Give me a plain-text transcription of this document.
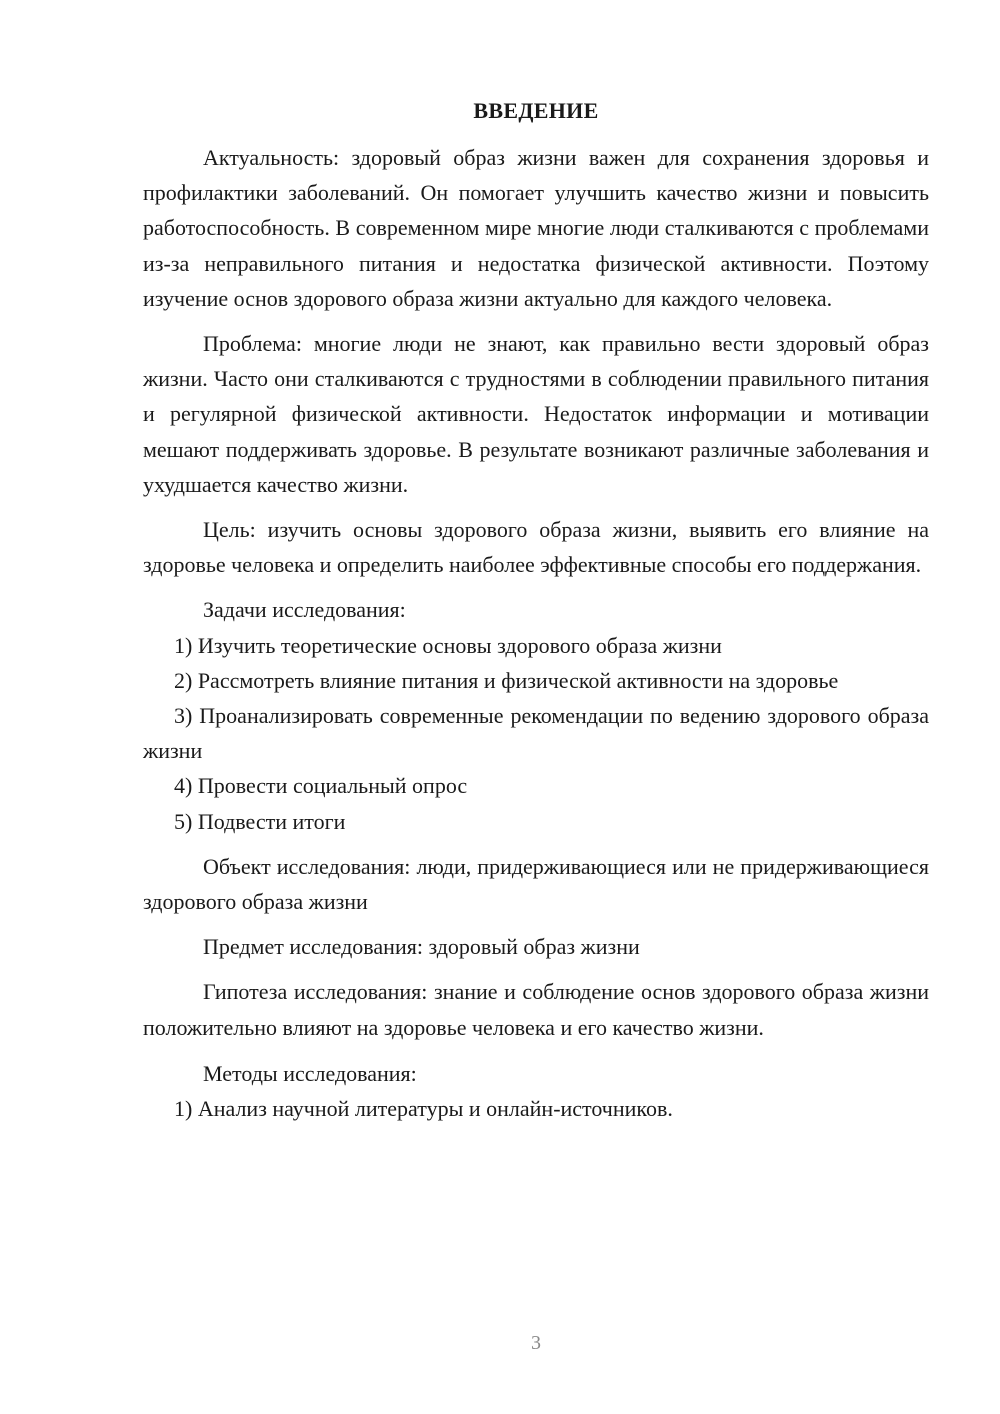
ВВЕДЕНИЕ

Актуальность: здоровый образ жизни важен для сохранения здоровья и профилактики заболеваний. Он помогает улучшить качество жизни и повысить работоспособность. В современном мире многие люди сталкиваются с проблемами из-за неправильного питания и недостатка физической активности. Поэтому изучение основ здорового образа жизни актуально для каждого человека.

Проблема: многие люди не знают, как правильно вести здоровый образ жизни. Часто они сталкиваются с трудностями в соблюдении правильного питания и регулярной физической активности. Недостаток информации и мотивации мешают поддерживать здоровье. В результате возникают различные заболевания и ухудшается качество жизни.

Цель: изучить основы здорового образа жизни, выявить его влияние на здоровье человека и определить наиболее эффективные способы его поддержания.

Задачи исследования:

1) Изучить теоретические основы здорового образа жизни

2) Рассмотреть влияние питания и физической активности на здоровье

3) Проанализировать современные рекомендации по ведению здорового образа жизни

4) Провести социальный опрос

5) Подвести итоги

Объект исследования: люди, придерживающиеся или не придерживающиеся здорового образа жизни

Предмет исследования: здоровый образ жизни

Гипотеза исследования: знание и соблюдение основ здорового образа жизни положительно влияют на здоровье человека и его качество жизни.

Методы исследования:

1) Анализ научной литературы и онлайн-источников.

3
